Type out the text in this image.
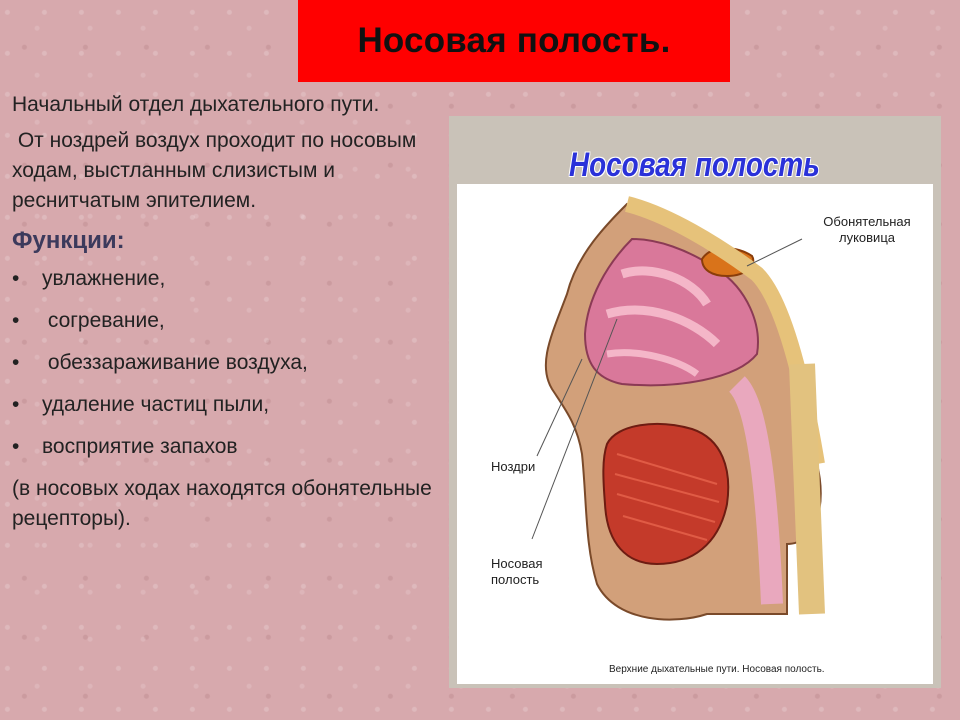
Носовая полость.

Начальный отдел дыхательного пути.

От ноздрей воздух проходит по носовым ходам, выстланным слизистым и реснитчатым эпителием.

Функции:
• увлажнение,
•  согревание,
•  обеззараживание воздуха,
• удаление частиц пыли,
• восприятие запахов

(в носовых ходах находятся обонятельные рецепторы).

Обонятельная луковица
Ноздри
Носовая полость
Носовая полость
Верхние дыхательные пути. Носовая полость.
